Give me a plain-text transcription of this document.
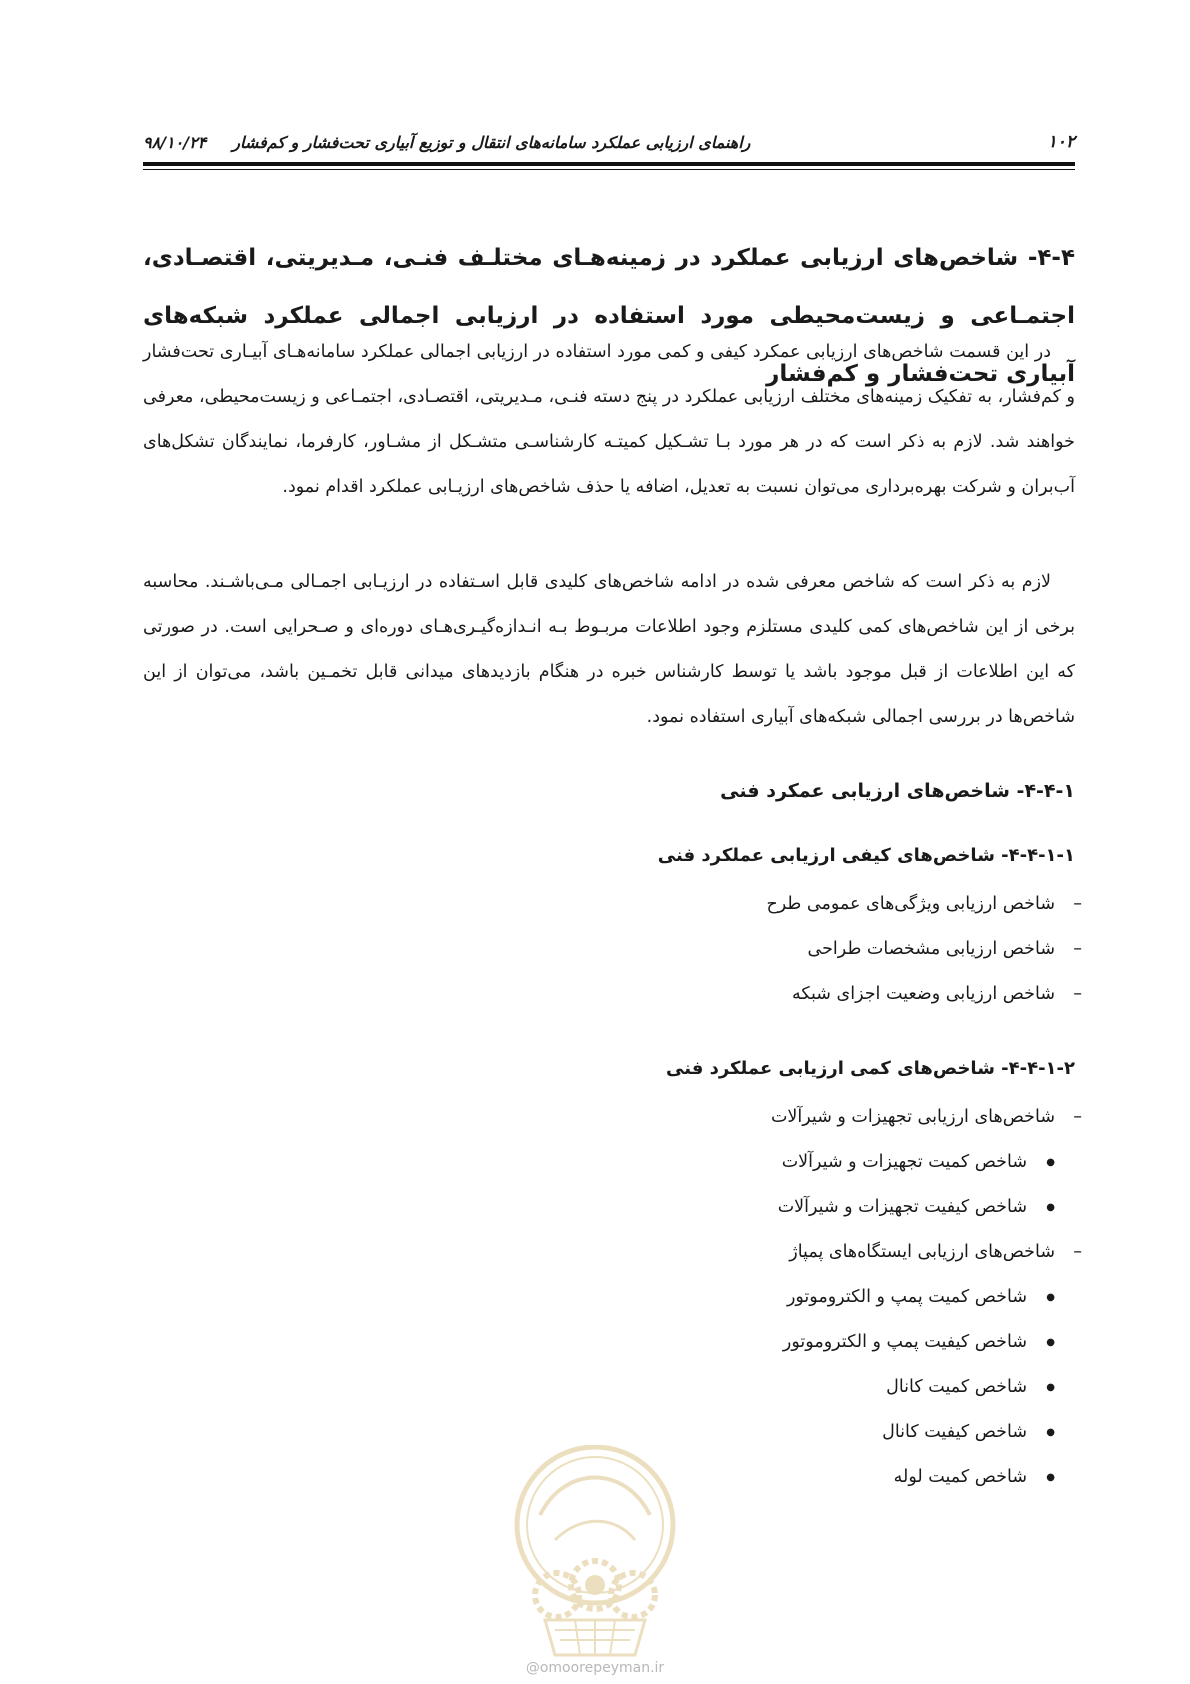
۱۰۲
راهنمای ارزیابی عملکرد سامانه‌های انتقال و توزیع آبیاری تحت‌فشار و کم‌فشار
۹۸/۱۰/۲۴
۴-۴- شاخص‌های ارزیابی عملکرد در زمینه‌هـای مختلـف فنـی، مـدیریتی، اقتصـادی، اجتمـاعی و زیست‌محیطی مورد استفاده در ارزیابی اجمالی عملکرد شبکه‌های آبیاری تحت‌فشار و کم‌فشار

در این قسمت شاخص‌های ارزیابی عمکرد کیفی و کمی مورد استفاده در ارزیابی اجمالی عملکرد سامانه‌هـای آبیـاری تحت‌فشار و کم‌فشار، به تفکیک زمینه‌های مختلف ارزیابی عملکرد در پنج دسته فنـی، مـدیریتی، اقتصـادی، اجتمـاعی و زیست‌محیطی، معرفی خواهند شد. لازم به ذکر است که در هر مورد بـا تشـکیل کمیتـه کارشناسـی متشـکل از مشـاور، کارفرما، نمایندگان تشکل‌های آب‌بران و شرکت بهره‌برداری می‌توان نسبت به تعدیل، اضافه یا حذف شاخص‌های ارزیـابی عملکرد اقدام نمود.

لازم به ذکر است که شاخص معرفی شده در ادامه شاخص‌های کلیدی قابل اسـتفاده در ارزیـابی اجمـالی مـی‌باشـند. محاسبه برخی از این شاخص‌های کمی کلیدی مستلزم وجود اطلاعات مربـوط بـه انـدازه‌گیـری‌هـای دوره‌ای و صـحرایی است. در صورتی که این اطلاعات از قبل موجود باشد یا توسط کارشناس خبره در هنگام بازدیدهای میدانی قابل تخمـین باشد، می‌توان از این شاخص‌ها در بررسی اجمالی شبکه‌های آبیاری استفاده نمود.

۴-۴-۱- شاخص‌های ارزیابی عمکرد فنی
۴-۴-۱-۱- شاخص‌های کیفی ارزیابی عملکرد فنی
– شاخص ارزیابی ویژگی‌های عمومی طرح
– شاخص ارزیابی مشخصات طراحی
– شاخص ارزیابی وضعیت اجزای شبکه
۴-۴-۱-۲- شاخص‌های کمی ارزیابی عملکرد فنی
– شاخص‌های ارزیابی تجهیزات و شیرآلات
● شاخص کمیت تجهیزات و شیرآلات
● شاخص کیفیت تجهیزات و شیرآلات
– شاخص‌های ارزیابی ایستگاه‌های پمپاژ
● شاخص کمیت پمپ و الکتروموتور
● شاخص کیفیت پمپ و الکتروموتور
● شاخص کمیت کانال
● شاخص کیفیت کانال
● شاخص کمیت لوله
@omoorepeyman.ir
